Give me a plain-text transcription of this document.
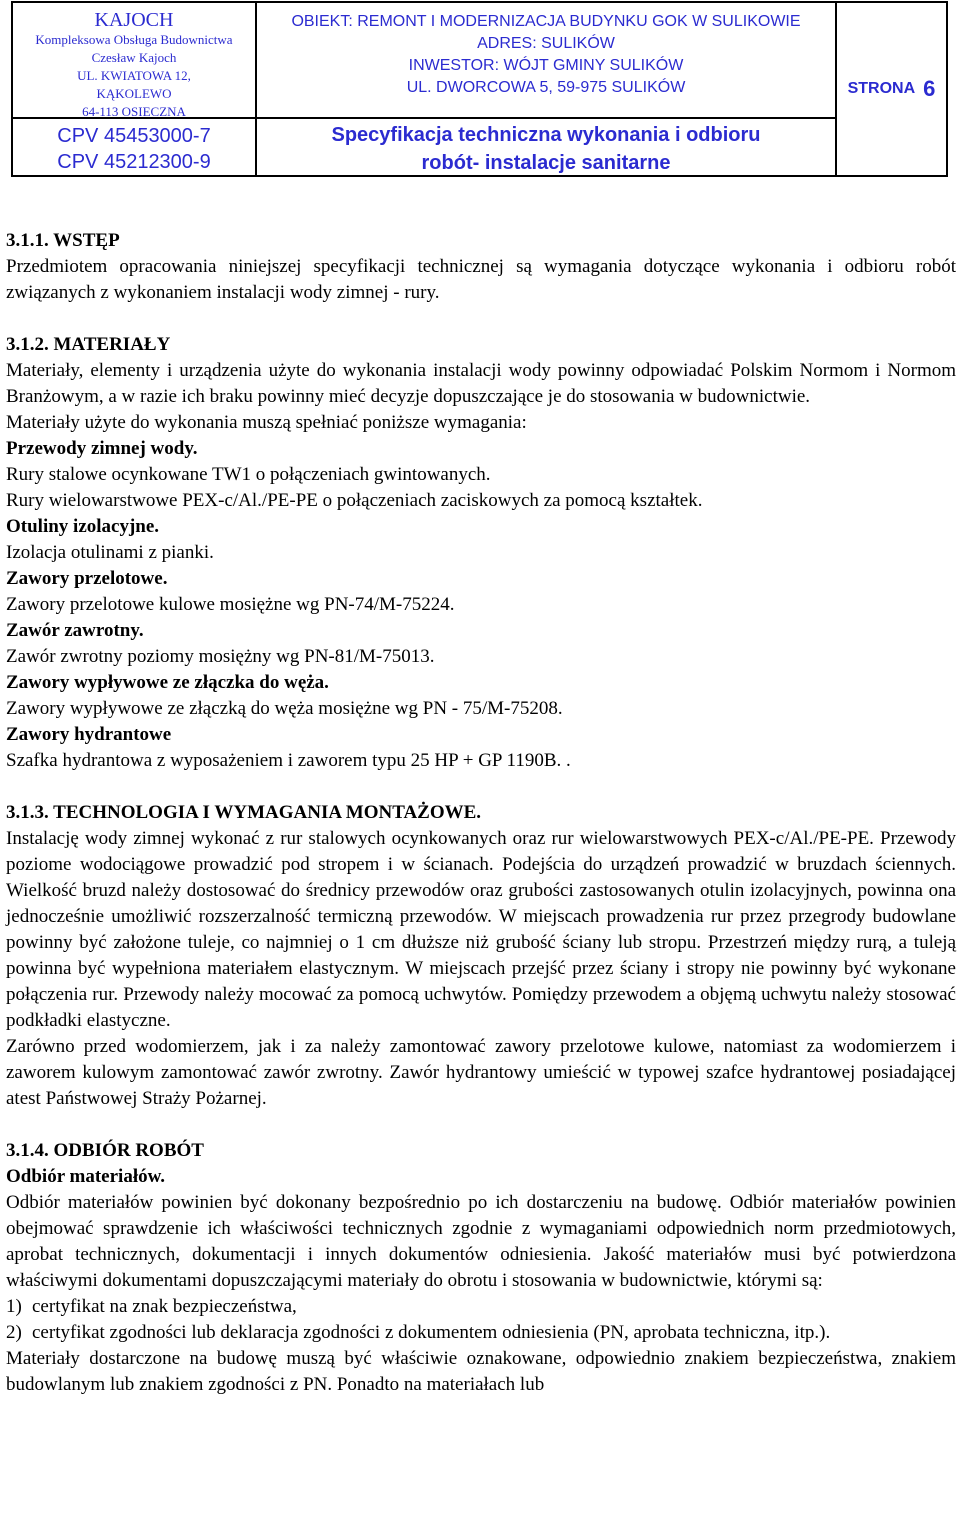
KAJOCH
Kompleksowa Obsługa Budownictwa
Czesław Kajoch
UL. KWIATOWA 12,
KĄKOLEWO
64-113 OSIECZNA
CPV 45453000-7
CPV 45212300-9
OBIEKT: REMONT I MODERNIZACJA BUDYNKU GOK W SULIKOWIE
ADRES: SULIKÓW
INWESTOR: WÓJT GMINY SULIKÓW
UL. DWORCOWA 5, 59-975 SULIKÓW
Specyfikacja techniczna wykonania i odbioru
robót- instalacje sanitarne
STRONA 6

3.1.1. WSTĘP

Przedmiotem opracowania niniejszej specyfikacji technicznej są wymagania dotyczące wykonania i odbioru robót związanych z wykonaniem instalacji wody zimnej - rury.

3.1.2. MATERIAŁY

Materiały, elementy i urządzenia użyte do wykonania instalacji wody powinny odpowiadać Polskim Normom i Normom Branżowym, a w razie ich braku powinny mieć decyzje dopuszczające je do stosowania w budownictwie.

Materiały użyte do wykonania muszą spełniać poniższe wymagania:

Przewody zimnej wody.

Rury stalowe ocynkowane TW1 o połączeniach gwintowanych.

Rury wielowarstwowe PEX-c/Al./PE-PE o połączeniach zaciskowych za pomocą kształtek.

Otuliny izolacyjne.

Izolacja otulinami z pianki.

Zawory przelotowe.

Zawory przelotowe kulowe mosiężne wg PN-74/M-75224.

Zawór zawrotny.

Zawór zwrotny poziomy mosiężny wg PN-81/M-75013.

Zawory wypływowe ze złączka do węża.

Zawory wypływowe ze złączką do węża mosiężne wg PN - 75/M-75208.

Zawory hydrantowe

Szafka hydrantowa z wyposażeniem i zaworem typu 25 HP + GP 1190B. .

3.1.3. TECHNOLOGIA I WYMAGANIA MONTAŻOWE.

Instalację wody zimnej wykonać z rur stalowych ocynkowanych oraz rur wielowarstwowych PEX-c/Al./PE-PE. Przewody poziome wodociągowe prowadzić pod stropem i w ścianach. Podejścia do urządzeń prowadzić w bruzdach ściennych. Wielkość bruzd należy dostosować do średnicy przewodów oraz grubości zastosowanych otulin izolacyjnych, powinna ona jednocześnie umożliwić rozszerzalność termiczną przewodów. W miejscach prowadzenia rur przez przegrody budowlane powinny być założone tuleje, co najmniej o 1 cm dłuższe niż grubość ściany lub stropu. Przestrzeń między rurą, a tuleją powinna być wypełniona materiałem elastycznym. W miejscach przejść przez ściany i stropy nie powinny być wykonane połączenia rur. Przewody należy mocować za pomocą uchwytów. Pomiędzy przewodem a objęmą uchwytu należy stosować podkładki elastyczne.

Zarówno przed wodomierzem, jak i za należy zamontować zawory przelotowe kulowe, natomiast za wodomierzem i zaworem kulowym zamontować zawór zwrotny. Zawór hydrantowy umieścić w typowej szafce hydrantowej posiadającej atest Państwowej Straży Pożarnej.

3.1.4. ODBIÓR ROBÓT

Odbiór materiałów.

Odbiór materiałów powinien być dokonany bezpośrednio po ich dostarczeniu na budowę. Odbiór materiałów powinien obejmować sprawdzenie ich właściwości technicznych zgodnie z wymaganiami odpowiednich norm przedmiotowych, aprobat technicznych, dokumentacji i innych dokumentów odniesienia. Jakość materiałów musi być potwierdzona właściwymi dokumentami dopuszczającymi materiały do obrotu i stosowania w budownictwie, którymi są:

1) certyfikat na znak bezpieczeństwa,
2) certyfikat zgodności lub deklaracja zgodności z dokumentem odniesienia (PN, aprobata techniczna, itp.).

Materiały dostarczone na budowę muszą być właściwie oznakowane, odpowiednio znakiem bezpieczeństwa, znakiem budowlanym lub znakiem zgodności z PN. Ponadto na materiałach lub
